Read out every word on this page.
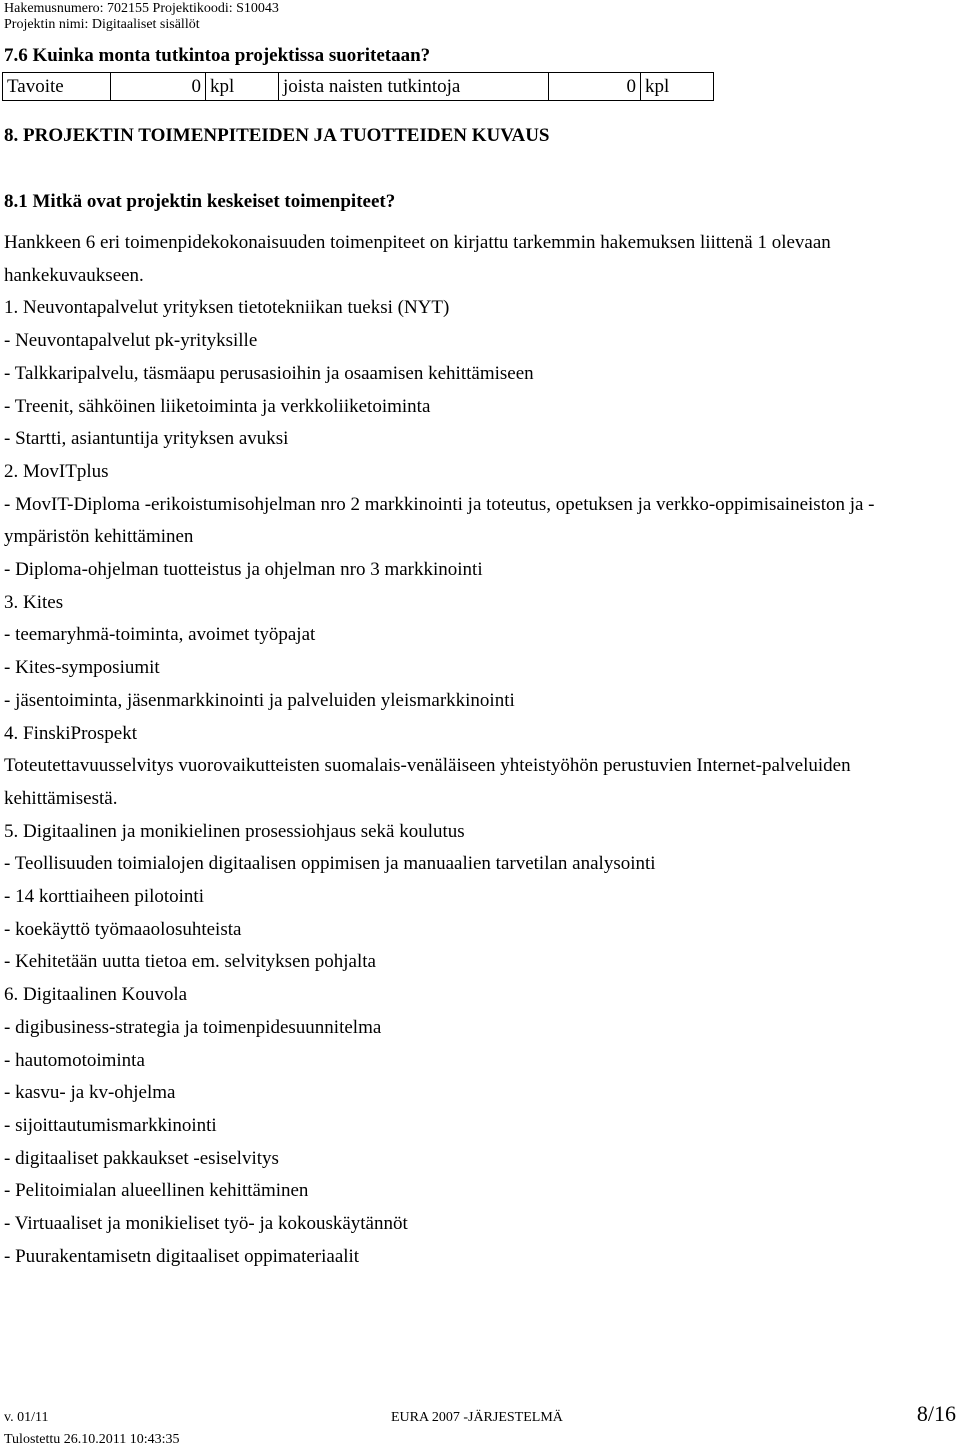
Hakemusnumero: 702155 Projektikoodi: S10043
Projektin nimi: Digitaaliset sisällöt
7.6 Kuinka monta tutkintoa projektissa suoritetaan?
Tavoite	0	kpl	joista naisten tutkintoja	0	kpl
8. PROJEKTIN TOIMENPITEIDEN JA TUOTTEIDEN KUVAUS
8.1 Mitkä ovat projektin keskeiset toimenpiteet?

Hankkeen 6 eri toimenpidekokonaisuuden toimenpiteet on kirjattu tarkemmin hakemuksen liittenä 1 olevaan hankekuvaukseen.

1. Neuvontapalvelut yrityksen tietotekniikan tueksi (NYT)

- Neuvontapalvelut pk-yrityksille

- Talkkaripalvelu, täsmäapu perusasioihin ja osaamisen kehittämiseen

- Treenit, sähköinen liiketoiminta ja verkkoliiketoiminta

- Startti, asiantuntija yrityksen avuksi

2. MovITplus

- MovIT-Diploma -erikoistumisohjelman nro 2 markkinointi ja toteutus, opetuksen ja verkko-oppimisaineiston ja -ympäristön kehittäminen

- Diploma-ohjelman tuotteistus ja ohjelman nro 3 markkinointi

3. Kites

- teemaryhmä-toiminta, avoimet työpajat

- Kites-symposiumit

- jäsentoiminta, jäsenmarkkinointi ja palveluiden yleismarkkinointi

4. FinskiProspekt

Toteutettavuusselvitys vuorovaikutteisten suomalais-venäläiseen yhteistyöhön perustuvien Internet-palveluiden kehittämisestä.

5. Digitaalinen ja monikielinen prosessiohjaus sekä koulutus

- Teollisuuden toimialojen digitaalisen oppimisen ja manuaalien tarvetilan analysointi

- 14 korttiaiheen pilotointi

- koekäyttö työmaaolosuhteista

- Kehitetään uutta tietoa em. selvityksen pohjalta

6. Digitaalinen Kouvola

- digibusiness-strategia ja toimenpidesuunnitelma

- hautomotoiminta

- kasvu- ja kv-ohjelma

- sijoittautumismarkkinointi

- digitaaliset pakkaukset -esiselvitys

- Pelitoimialan alueellinen kehittäminen

- Virtuaaliset ja monikieliset työ- ja kokouskäytännöt

- Puurakentamisetn digitaaliset oppimateriaalit

v. 01/11	EURA 2007 -JÄRJESTELMÄ	8/16
Tulostettu 26.10.2011 10:43:35
